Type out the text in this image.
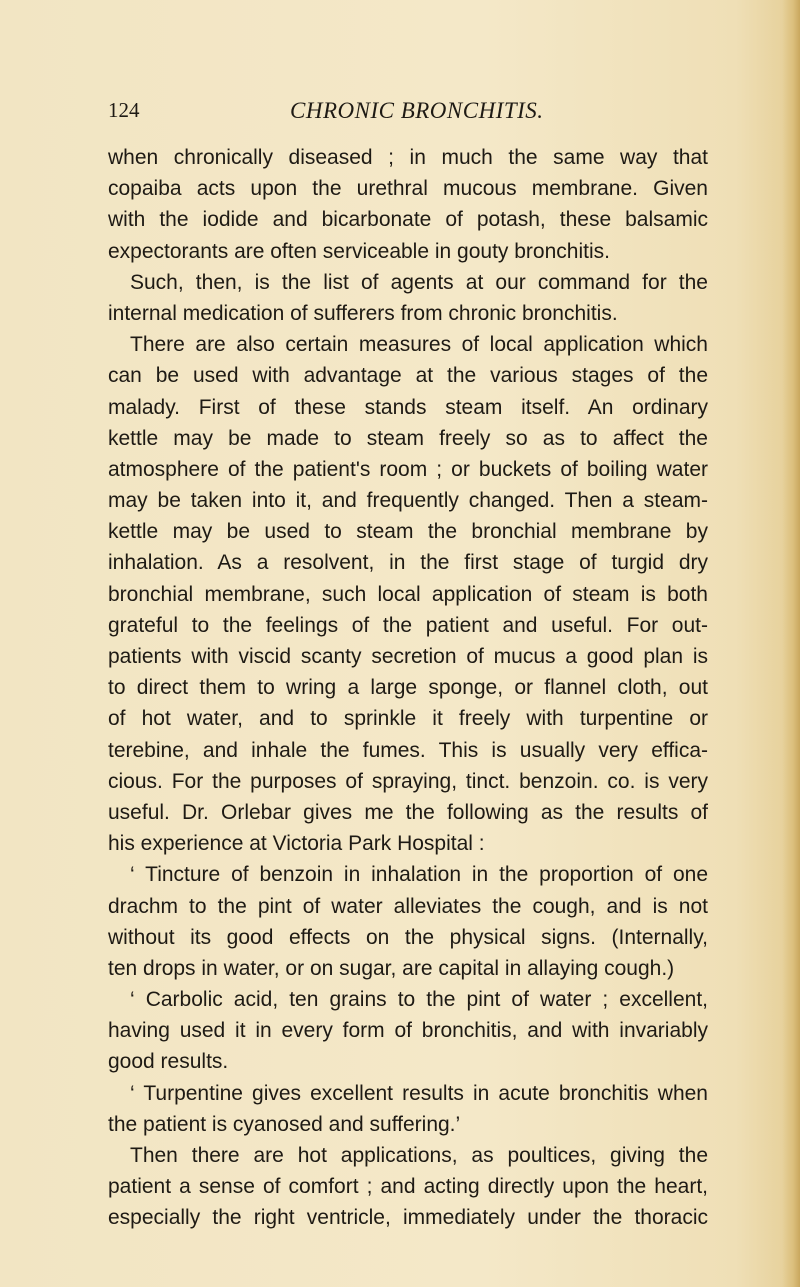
124	CHRONIC BRONCHITIS.
when chronically diseased ; in much the same way that
copaiba acts upon the urethral mucous membrane. Given
with the iodide and bicarbonate of potash, these balsamic
expectorants are often serviceable in gouty bronchitis.
Such, then, is the list of agents at our command for the
internal medication of sufferers from chronic bronchitis.
There are also certain measures of local application which
can be used with advantage at the various stages of the
malady. First of these stands steam itself. An ordinary
kettle may be made to steam freely so as to affect the
atmosphere of the patient's room ; or buckets of boiling water
may be taken into it, and frequently changed. Then a steam-
kettle may be used to steam the bronchial membrane by
inhalation. As a resolvent, in the first stage of turgid dry
bronchial membrane, such local application of steam is both
grateful to the feelings of the patient and useful. For out-
patients with viscid scanty secretion of mucus a good plan is
to direct them to wring a large sponge, or flannel cloth, out
of hot water, and to sprinkle it freely with turpentine or
terebine, and inhale the fumes. This is usually very effica-
cious. For the purposes of spraying, tinct. benzoin. co. is very
useful. Dr. Orlebar gives me the following as the results of
his experience at Victoria Park Hospital :
‘ Tincture of benzoin in inhalation in the proportion of one
drachm to the pint of water alleviates the cough, and is not
without its good effects on the physical signs. (Internally,
ten drops in water, or on sugar, are capital in allaying cough.)
‘ Carbolic acid, ten grains to the pint of water ; excellent,
having used it in every form of bronchitis, and with invariably
good results.
‘ Turpentine gives excellent results in acute bronchitis when
the patient is cyanosed and suffering.’
Then there are hot applications, as poultices, giving the
patient a sense of comfort ; and acting directly upon the heart,
especially the right ventricle, immediately under the thoracic
